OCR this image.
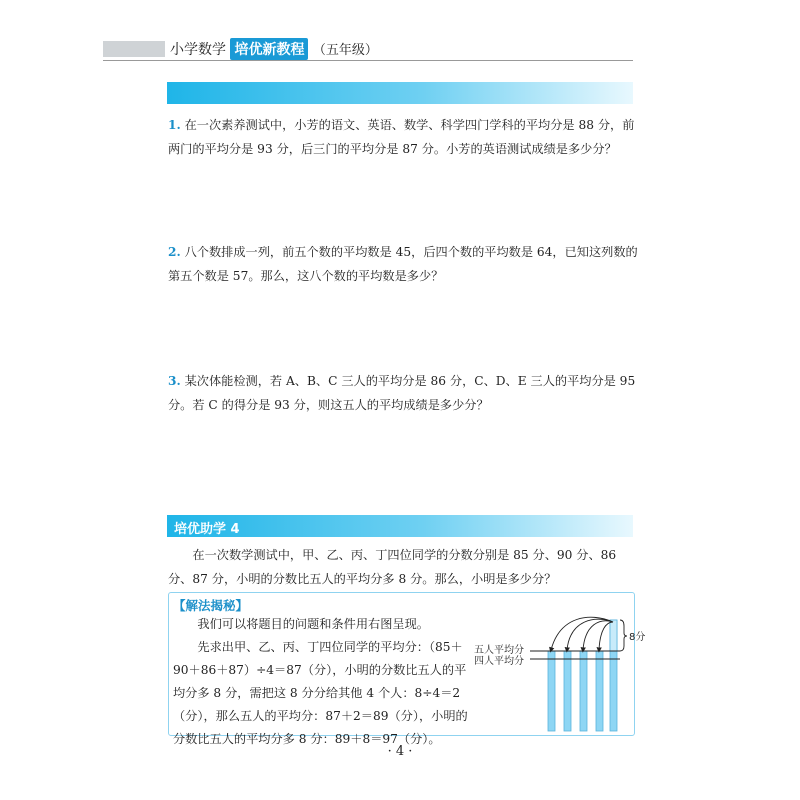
小学数学 培优新教程 （五年级）
1. 在一次素养测试中，小芳的语文、英语、数学、科学四门学科的平均分是 88 分，前两门的平均分是 93 分，后三门的平均分是 87 分。小芳的英语测试成绩是多少分？
2. 八个数排成一列，前五个数的平均数是 45，后四个数的平均数是 64，已知这列数的第五个数是 57。那么，这八个数的平均数是多少？
3. 某次体能检测，若 A、B、C 三人的平均分是 86 分，C、D、E 三人的平均分是 95 分。若 C 的得分是 93 分，则这五人的平均成绩是多少分？
培优助学 4
在一次数学测试中，甲、乙、丙、丁四位同学的分数分别是 85 分、90 分、86 分、87 分，小明的分数比五人的平均分多 8 分。那么，小明是多少分？
【解法揭秘】

我们可以将题目的问题和条件用右图呈现。

先求出甲、乙、丙、丁四位同学的平均分：（85＋90＋86＋87）÷4＝87（分），小明的分数比五人的平均分多 8 分，需把这 8 分分给其他 4 个人：8÷4＝2（分），那么五人的平均分：87＋2＝89（分），小明的分数比五人的平均分多 8 分：89＋8＝97（分）。

8分
五人平均分
四人平均分
· 4 ·
